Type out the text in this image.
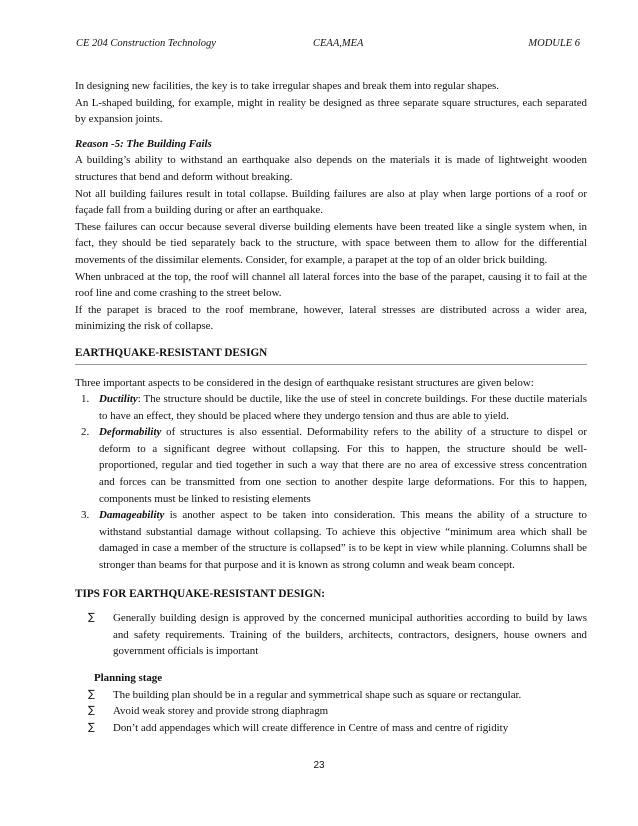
CE 204 Construction Technology	CEAA,MEA	MODULE 6

In designing new facilities, the key is to take irregular shapes and break them into regular shapes.

An L-shaped building, for example, might in reality be designed as three separate square structures, each separated by expansion joints.

Reason -5: The Building Fails

A building’s ability to withstand an earthquake also depends on the materials it is made of lightweight wooden structures that bend and deform without breaking.

Not all building failures result in total collapse. Building failures are also at play when large portions of a roof or façade fall from a building during or after an earthquake.

These failures can occur because several diverse building elements have been treated like a single system when, in fact, they should be tied separately back to the structure, with space between them to allow for the differential movements of the dissimilar elements. Consider, for example, a parapet at the top of an older brick building.

When unbraced at the top, the roof will channel all lateral forces into the base of the parapet, causing it to fail at the roof line and come crashing to the street below.

If the parapet is braced to the roof membrane, however, lateral stresses are distributed across a wider area, minimizing the risk of collapse.

EARTHQUAKE-RESISTANT DESIGN

Three important aspects to be considered in the design of earthquake resistant structures are given below:

1. Ductility: The structure should be ductile, like the use of steel in concrete buildings. For these ductile materials to have an effect, they should be placed where they undergo tension and thus are able to yield.
2. Deformability of structures is also essential. Deformability refers to the ability of a structure to dispel or deform to a significant degree without collapsing. For this to happen, the structure should be well- proportioned, regular and tied together in such a way that there are no area of excessive stress concentration and forces can be transmitted from one section to another despite large deformations. For this to happen, components must be linked to resisting elements
3. Damageability is another aspect to be taken into consideration. This means the ability of a structure to withstand substantial damage without collapsing. To achieve this objective “minimum area which shall be damaged in case a member of the structure is collapsed” is to be kept in view while planning. Columns shall be stronger than beams for that purpose and it is known as strong column and weak beam concept.

TIPS FOR EARTHQUAKE-RESISTANT DESIGN:

∑ Generally building design is approved by the concerned municipal authorities according to build by laws and safety requirements. Training of the builders, architects, contractors, designers, house owners and government officials is important

Planning stage

∑ The building plan should be in a regular and symmetrical shape such as square or rectangular.
∑ Avoid weak storey and provide strong diaphragm
∑ Don’t add appendages which will create difference in Centre of mass and centre of rigidity
23
